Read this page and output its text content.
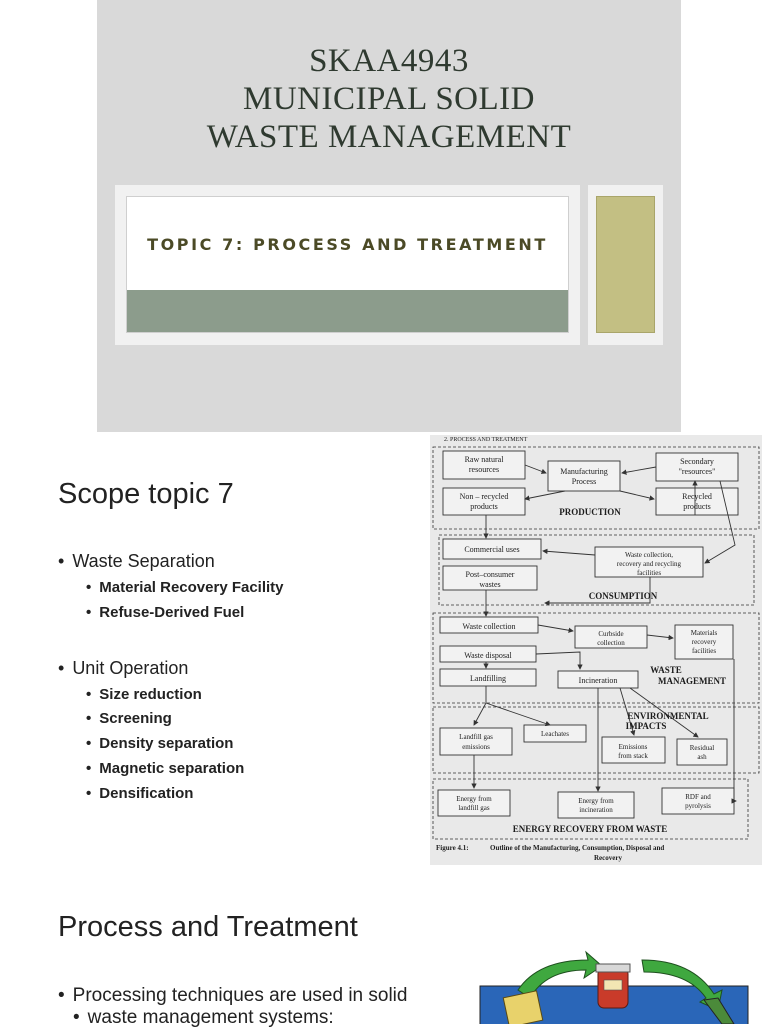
SKAA4943
MUNICIPAL SOLID
WASTE MANAGEMENT
TOPIC 7: PROCESS AND TREATMENT
Scope topic 7
• Waste Separation
• Material Recovery Facility
• Refuse-Derived Fuel
• Unit Operation
• Size reduction
• Screening
• Density separation
• Magnetic separation
• Densification
2. PROCESS AND TREATMENT
Raw natural
resources	Manufacturing
Process
Secondary
"resources"
Non – recycled
products
Recycled
products
PRODUCTION
Commercial uses
Waste collection,
recovery and recycling
facilities
Post–consumer
wastes
CONSUMPTION
Waste collection
Curbside
collection
Materials
recovery
facilities
Waste disposal
Landfilling	Incineration
WASTE
MANAGEMENT
ENVIRONMENTAL
IMPACTS
Landfill gas
emissions
Leachates
Emissions
from stack
Residual
ash
Energy from
landfill gas
Energy from
incineration
RDF and
pyrolysis
ENERGY RECOVERY FROM WASTE
Figure 4.1:	Outline of the Manufacturing, Consumption, Disposal and
Recovery
Process and Treatment
• Processing techniques are used in solid
• waste management systems:
